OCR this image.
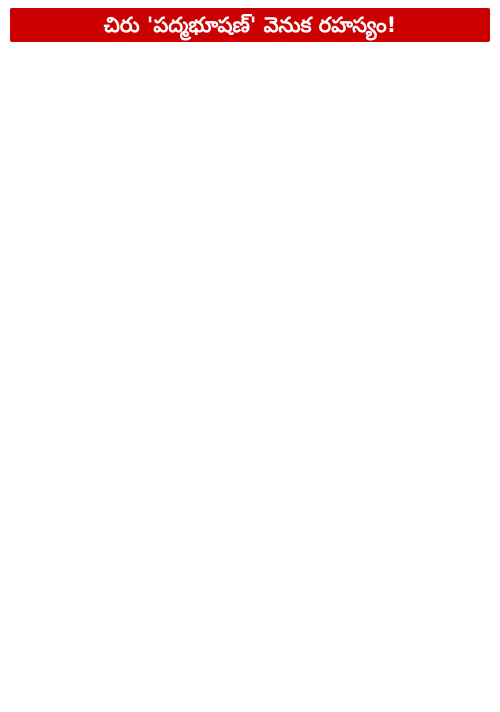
చిరు 'పద్మభూషణ్' వెనుక రహస్యం!
